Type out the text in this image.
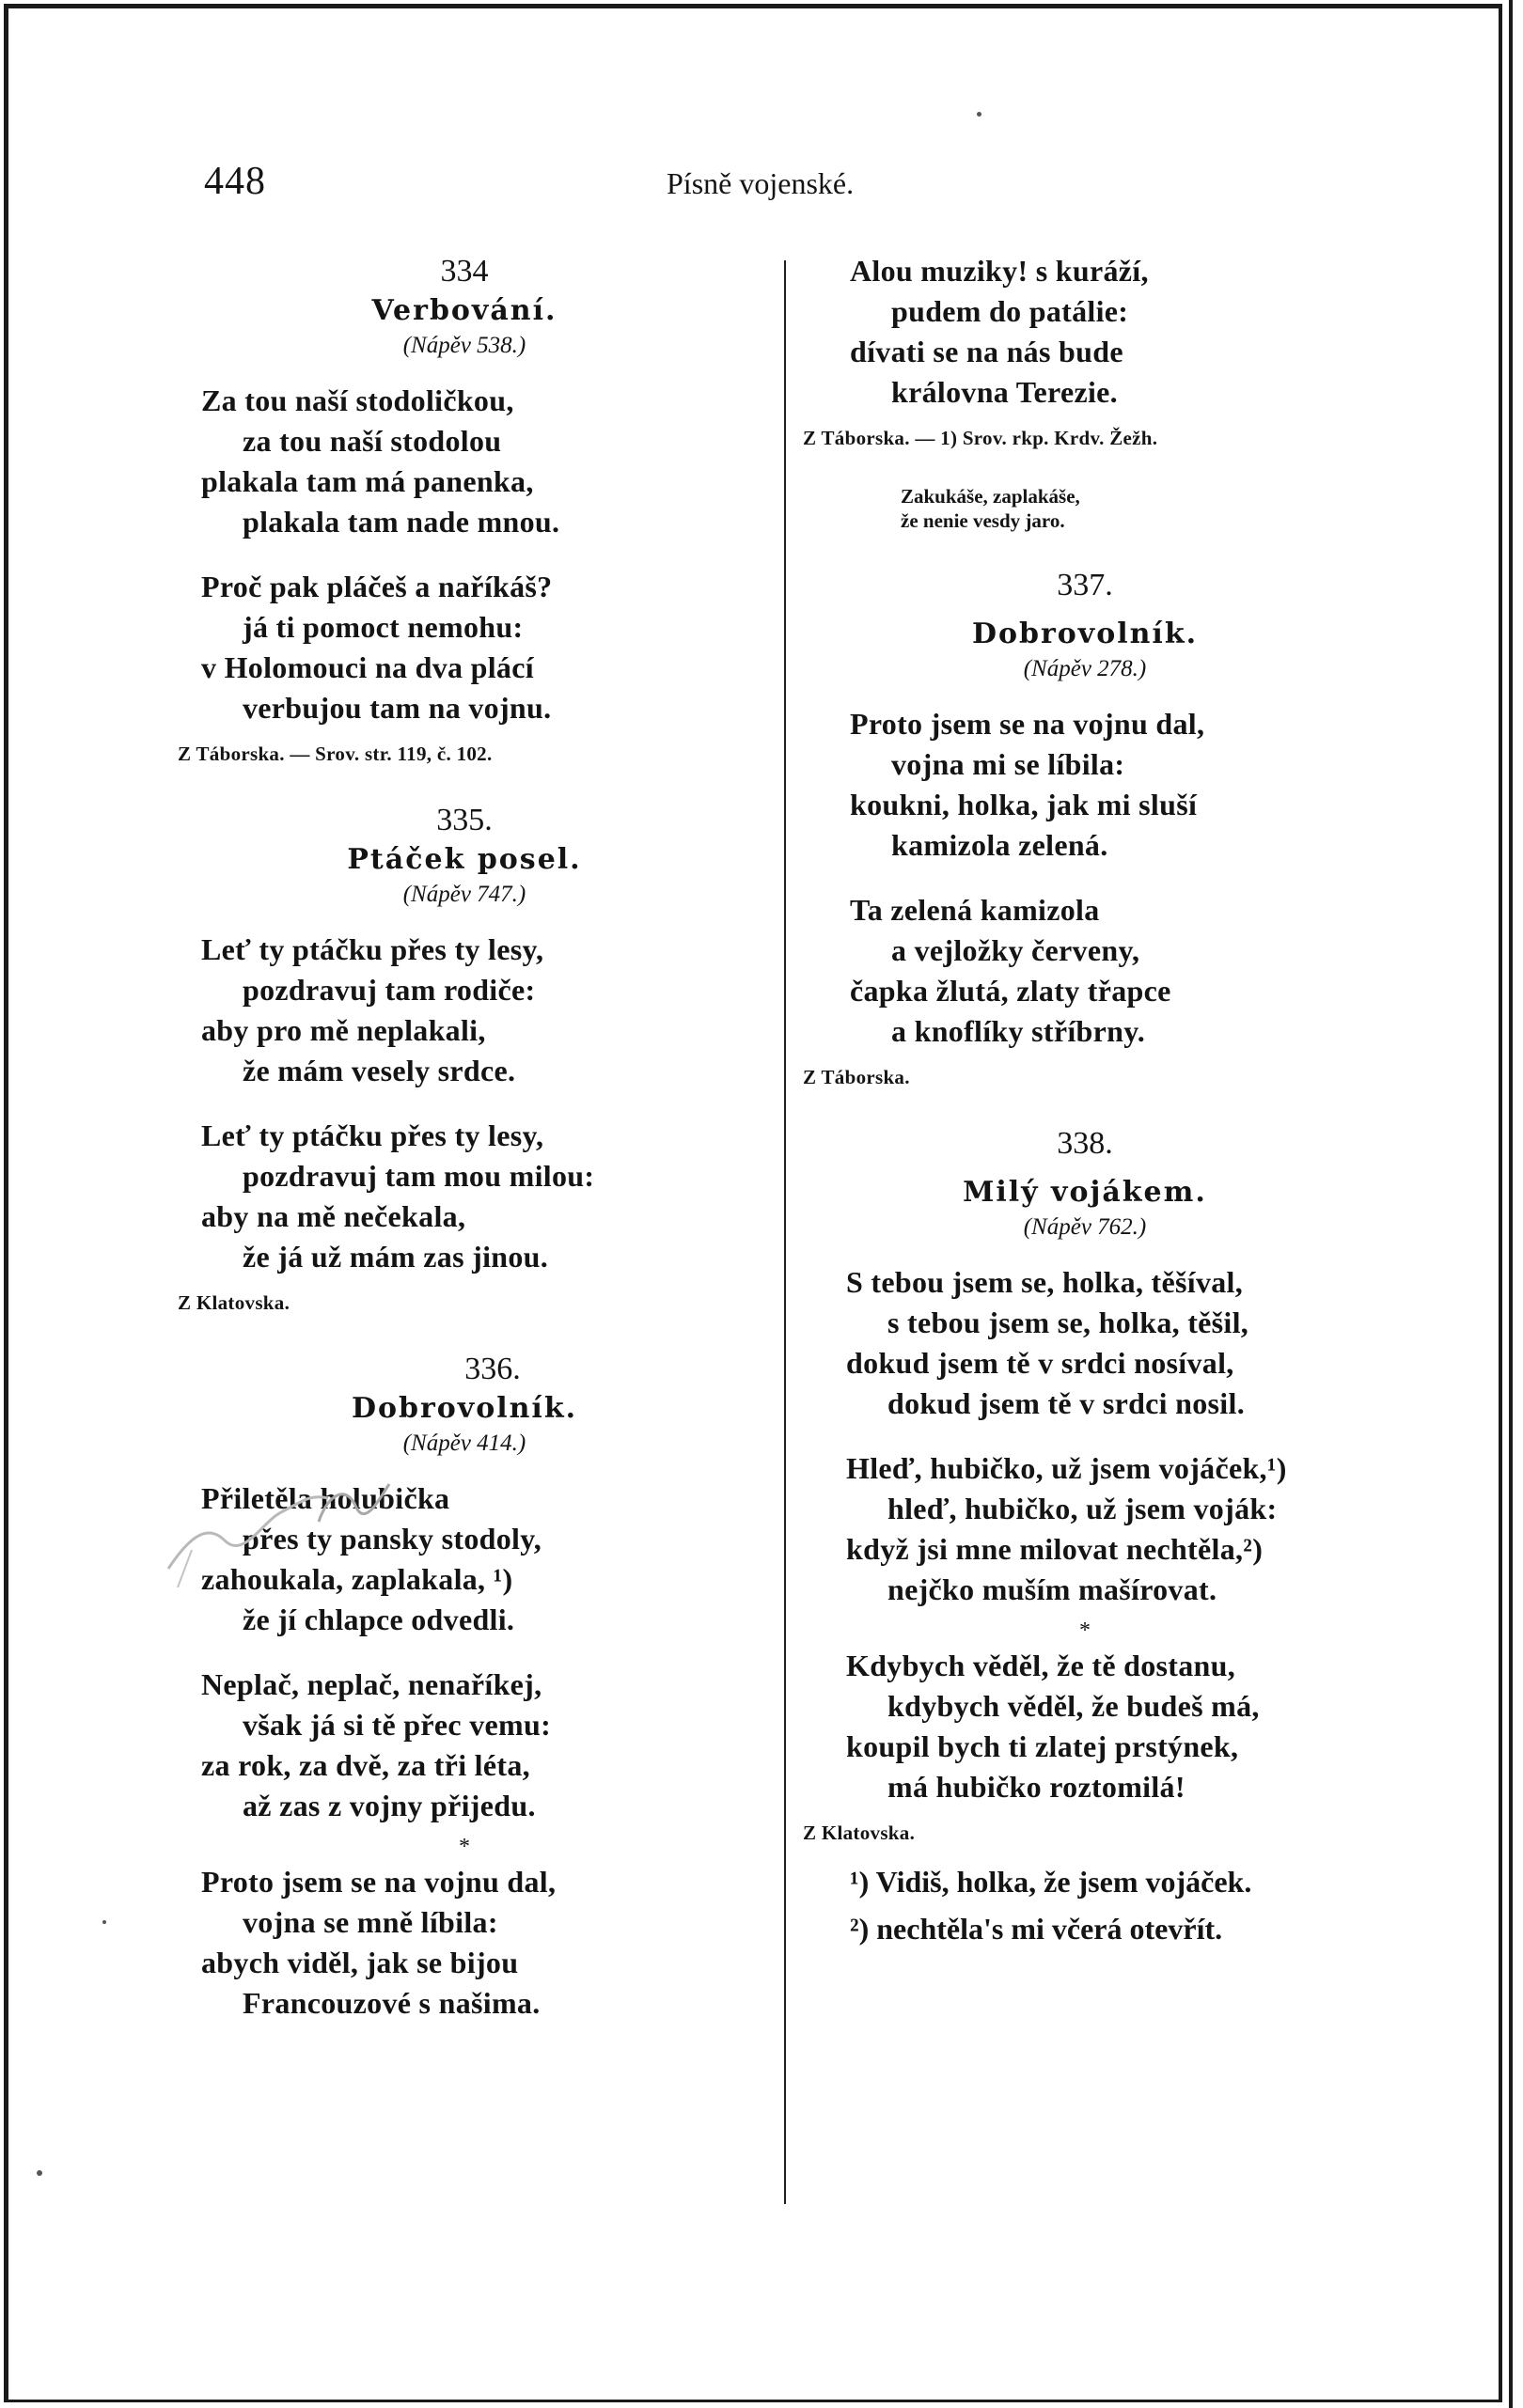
448	Písně vojenské.

334

Verbování.

(Nápěv 538.)

Za tou naší stodoličkou,
za tou naší stodolou
plakala tam má panenka,
plakala tam nade mnou.
Proč pak pláčeš a naříkáš?
já ti pomoct nemohu:
v Holomouci na dva plácí
verbujou tam na vojnu.
Z Táborska. — Srov. str. 119, č. 102.

335.

Ptáček posel.

(Nápěv 747.)

Leť ty ptáčku přes ty lesy,
pozdravuj tam rodiče:
aby pro mě neplakali,
že mám vesely srdce.
Leť ty ptáčku přes ty lesy,
pozdravuj tam mou milou:
aby na mě nečekala,
že já už mám zas jinou.
Z Klatovska.

336.

Dobrovolník.

(Nápěv 414.)

Přiletěla holubička
přes ty pansky stodoly,
zahoukala, zaplakala, ¹)
že jí chlapce odvedli.
Neplač, neplač, nenaříkej,
však já si tě přec vemu:
za rok, za dvě, za tři léta,
až zas z vojny přijedu.
*
Proto jsem se na vojnu dal,
vojna se mně líbila:
abych viděl, jak se bijou
Francouzové s našima.
Alou muziky! s kuráží,
pudem do patálie:
dívati se na nás bude
královna Terezie.
Z Táborska. — 1) Srov. rkp. Krdv. Žežh.
Zakukáše, zaplakáše,
že nenie vesdy jaro.

337.

Dobrovolník.

(Nápěv 278.)

Proto jsem se na vojnu dal,
vojna mi se líbila:
koukni, holka, jak mi sluší
kamizola zelená.
Ta zelená kamizola
a vejložky červeny,
čapka žlutá, zlaty třapce
a knoflíky stříbrny.
Z Táborska.

338.

Milý vojákem.

(Nápěv 762.)

S tebou jsem se, holka, těšíval,
s tebou jsem se, holka, těšil,
dokud jsem tě v srdci nosíval,
dokud jsem tě v srdci nosil.
Hleď, hubičko, už jsem vojáček,¹)
hleď, hubičko, už jsem voják:
když jsi mne milovat nechtěla,²)
nejčko muším mašírovat.
*
Kdybych věděl, že tě dostanu,
kdybych věděl, že budeš má,
koupil bych ti zlatej prstýnek,
má hubičko roztomilá!
Z Klatovska.
¹) Vidiš, holka, že jsem vojáček.
²) nechtěla's mi včerá otevřít.
